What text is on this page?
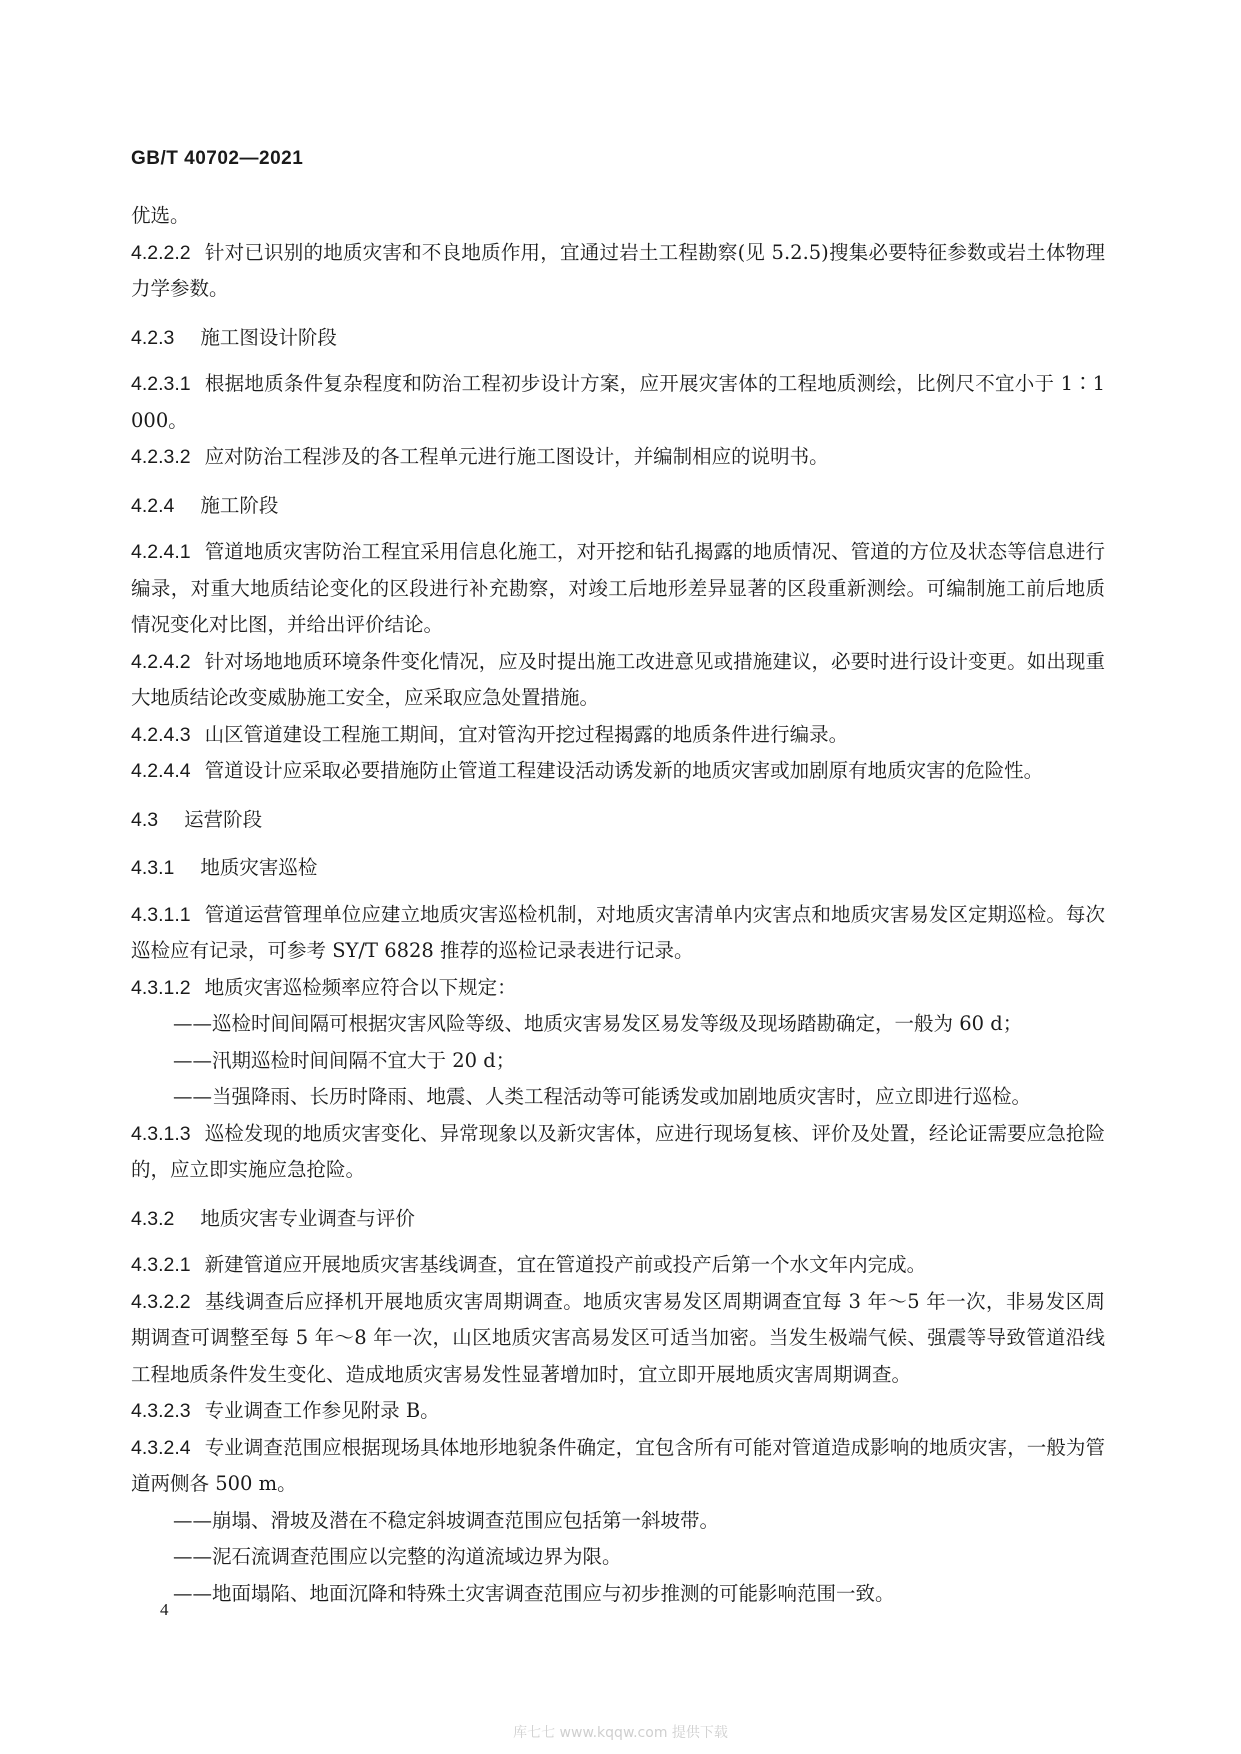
GB/T 40702—2021

优选。

4.2.2.2 针对已识别的地质灾害和不良地质作用，宜通过岩土工程勘察(见 5.2.5)搜集必要特征参数或岩土体物理力学参数。

4.2.3 施工图设计阶段

4.2.3.1 根据地质条件复杂程度和防治工程初步设计方案，应开展灾害体的工程地质测绘，比例尺不宜小于 1∶1 000。

4.2.3.2 应对防治工程涉及的各工程单元进行施工图设计，并编制相应的说明书。

4.2.4 施工阶段

4.2.4.1 管道地质灾害防治工程宜采用信息化施工，对开挖和钻孔揭露的地质情况、管道的方位及状态等信息进行编录，对重大地质结论变化的区段进行补充勘察，对竣工后地形差异显著的区段重新测绘。可编制施工前后地质情况变化对比图，并给出评价结论。

4.2.4.2 针对场地地质环境条件变化情况，应及时提出施工改进意见或措施建议，必要时进行设计变更。如出现重大地质结论改变威胁施工安全，应采取应急处置措施。

4.2.4.3 山区管道建设工程施工期间，宜对管沟开挖过程揭露的地质条件进行编录。

4.2.4.4 管道设计应采取必要措施防止管道工程建设活动诱发新的地质灾害或加剧原有地质灾害的危险性。

4.3 运营阶段

4.3.1 地质灾害巡检

4.3.1.1 管道运营管理单位应建立地质灾害巡检机制，对地质灾害清单内灾害点和地质灾害易发区定期巡检。每次巡检应有记录，可参考 SY/T 6828 推荐的巡检记录表进行记录。

4.3.1.2 地质灾害巡检频率应符合以下规定：

——巡检时间间隔可根据灾害风险等级、地质灾害易发区易发等级及现场踏勘确定，一般为 60 d；

——汛期巡检时间间隔不宜大于 20 d；

——当强降雨、长历时降雨、地震、人类工程活动等可能诱发或加剧地质灾害时，应立即进行巡检。

4.3.1.3 巡检发现的地质灾害变化、异常现象以及新灾害体，应进行现场复核、评价及处置，经论证需要应急抢险的，应立即实施应急抢险。

4.3.2 地质灾害专业调查与评价

4.3.2.1 新建管道应开展地质灾害基线调查，宜在管道投产前或投产后第一个水文年内完成。

4.3.2.2 基线调查后应择机开展地质灾害周期调查。地质灾害易发区周期调查宜每 3 年～5 年一次，非易发区周期调查可调整至每 5 年～8 年一次，山区地质灾害高易发区可适当加密。当发生极端气候、强震等导致管道沿线工程地质条件发生变化、造成地质灾害易发性显著增加时，宜立即开展地质灾害周期调查。

4.3.2.3 专业调查工作参见附录 B。

4.3.2.4 专业调查范围应根据现场具体地形地貌条件确定，宜包含所有可能对管道造成影响的地质灾害，一般为管道两侧各 500 m。

——崩塌、滑坡及潜在不稳定斜坡调查范围应包括第一斜坡带。

——泥石流调查范围应以完整的沟道流域边界为限。

——地面塌陷、地面沉降和特殊土灾害调查范围应与初步推测的可能影响范围一致。

4
库七七 www.kqqw.com 提供下载
